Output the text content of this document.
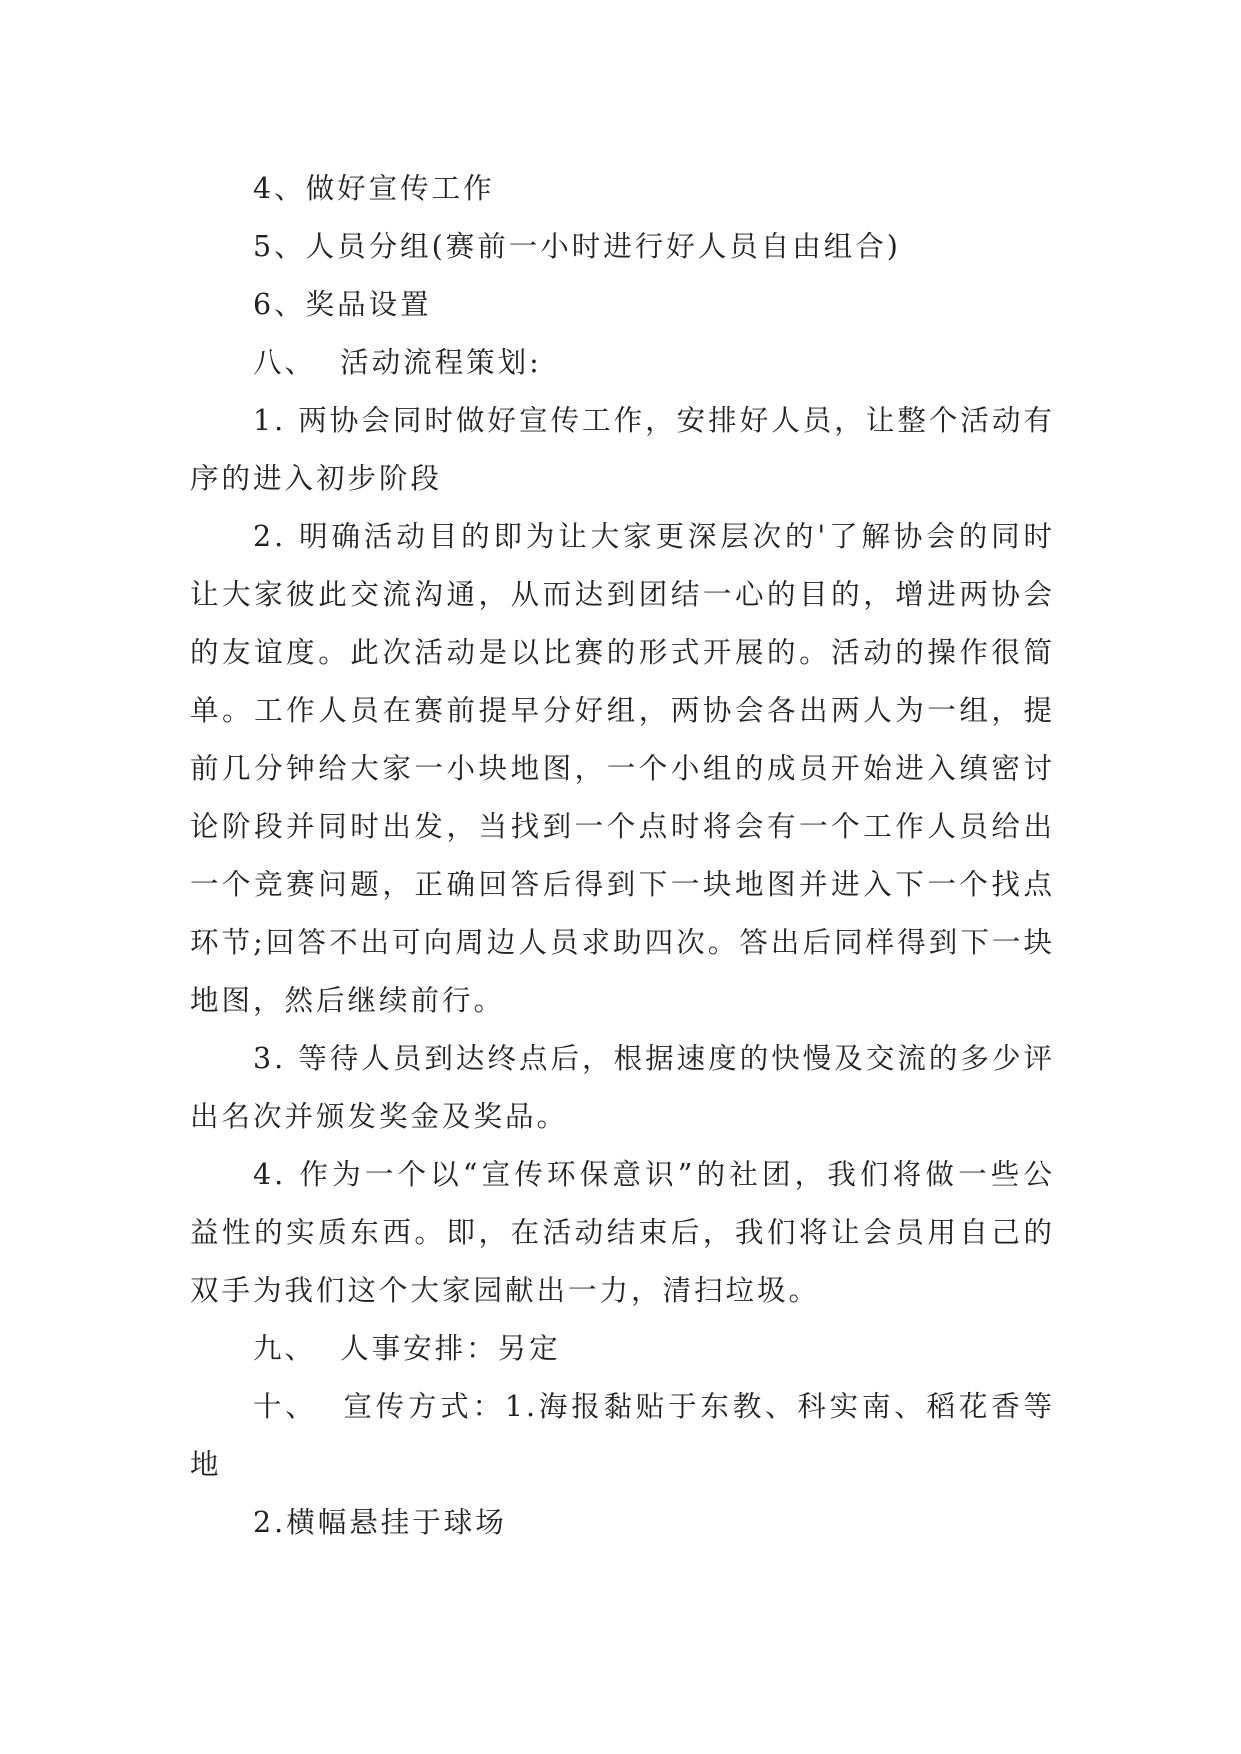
4、做好宣传工作

5、人员分组(赛前一小时进行好人员自由组合)

6、奖品设置

八、  活动流程策划:

1. 两协会同时做好宣传工作，安排好人员，让整个活动有序的进入初步阶段

2. 明确活动目的即为让大家更深层次的'了解协会的同时让大家彼此交流沟通，从而达到团结一心的目的，增进两协会的友谊度。此次活动是以比赛的形式开展的。活动的操作很简单。工作人员在赛前提早分好组，两协会各出两人为一组，提前几分钟给大家一小块地图，一个小组的成员开始进入缜密讨论阶段并同时出发，当找到一个点时将会有一个工作人员给出一个竞赛问题，正确回答后得到下一块地图并进入下一个找点环节;回答不出可向周边人员求助四次。答出后同样得到下一块地图，然后继续前行。

3. 等待人员到达终点后，根据速度的快慢及交流的多少评出名次并颁发奖金及奖品。

4. 作为一个以“宣传环保意识”的社团，我们将做一些公益性的实质东西。即，在活动结束后，我们将让会员用自己的双手为我们这个大家园献出一力，清扫垃圾。

九、  人事安排：另定

十、  宣传方式：1.海报黏贴于东教、科实南、稻花香等地

2.横幅悬挂于球场
